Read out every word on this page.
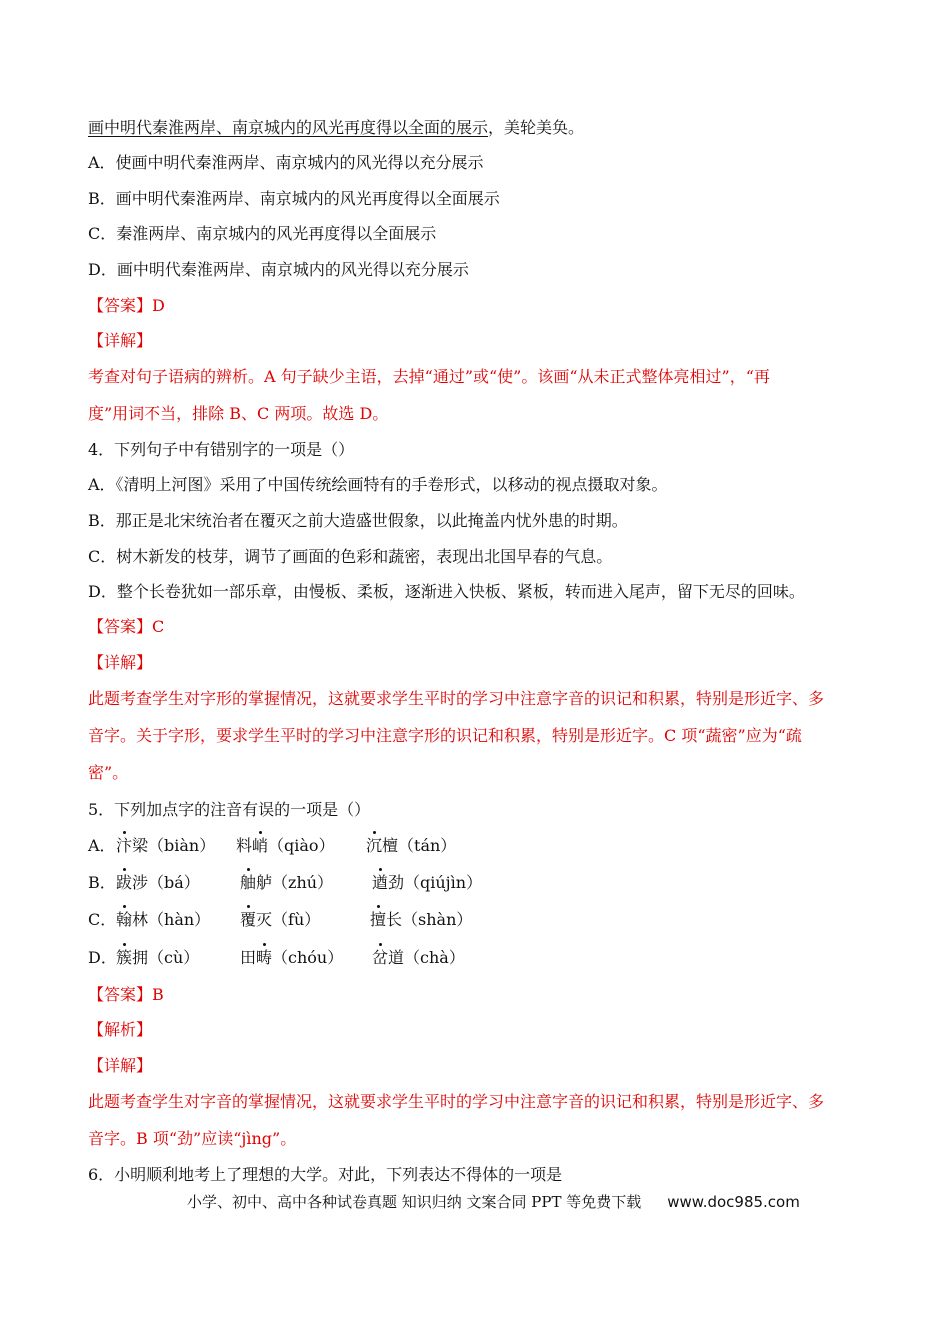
画中明代秦淮两岸、南京城内的风光再度得以全面的展示，美轮美奂。
A．使画中明代秦淮两岸、南京城内的风光得以充分展示
B．画中明代秦淮两岸、南京城内的风光再度得以全面展示
C．秦淮两岸、南京城内的风光再度得以全面展示
D．画中明代秦淮两岸、南京城内的风光得以充分展示
【答案】D
【详解】
考查对句子语病的辨析。A 句子缺少主语，去掉“通过”或“使”。该画“从未正式整体亮相过”，“再
度”用词不当，排除 B、C 两项。故选 D。
4．下列句子中有错别字的一项是（）
A．《清明上河图》采用了中国传统绘画特有的手卷形式，以移动的视点摄取对象。
B．那正是北宋统治者在覆灭之前大造盛世假象，以此掩盖内忧外患的时期。
C．树木新发的枝芽，调节了画面的色彩和蔬密，表现出北国早春的气息。
D．整个长卷犹如一部乐章，由慢板、柔板，逐渐进入快板、紧板，转而进入尾声，留下无尽的回味。
【答案】C
【详解】
此题考查学生对字形的掌握情况，这就要求学生平时的学习中注意字音的识记和积累，特别是形近字、多
音字。关于字形，要求学生平时的学习中注意字形的识记和积累，特别是形近字。C 项“蔬密”应为“疏
密”。
5．下列加点字的注音有误的一项是（）
A． 汴梁（biàn） 料峭（qiào） 沉檀（tán）
B． 跋涉（bá）	舳舻（zhú） 遒劲（qiújìn）
C． 翰林（hàn） 覆灭（fù）	擅长（shàn）
D． 簇拥（cù）	田畴（chóu） 岔道（chà）
【答案】B
【解析】
【详解】
此题考查学生对字音的掌握情况，这就要求学生平时的学习中注意字音的识记和积累，特别是形近字、多
音字。B 项“劲”应读“jìng”。
6．小明顺利地考上了理想的大学。对此，下列表达不得体的一项是
小学、初中、高中各种试卷真题 知识归纳 文案合同 PPT 等免费下载 www.doc985.com
